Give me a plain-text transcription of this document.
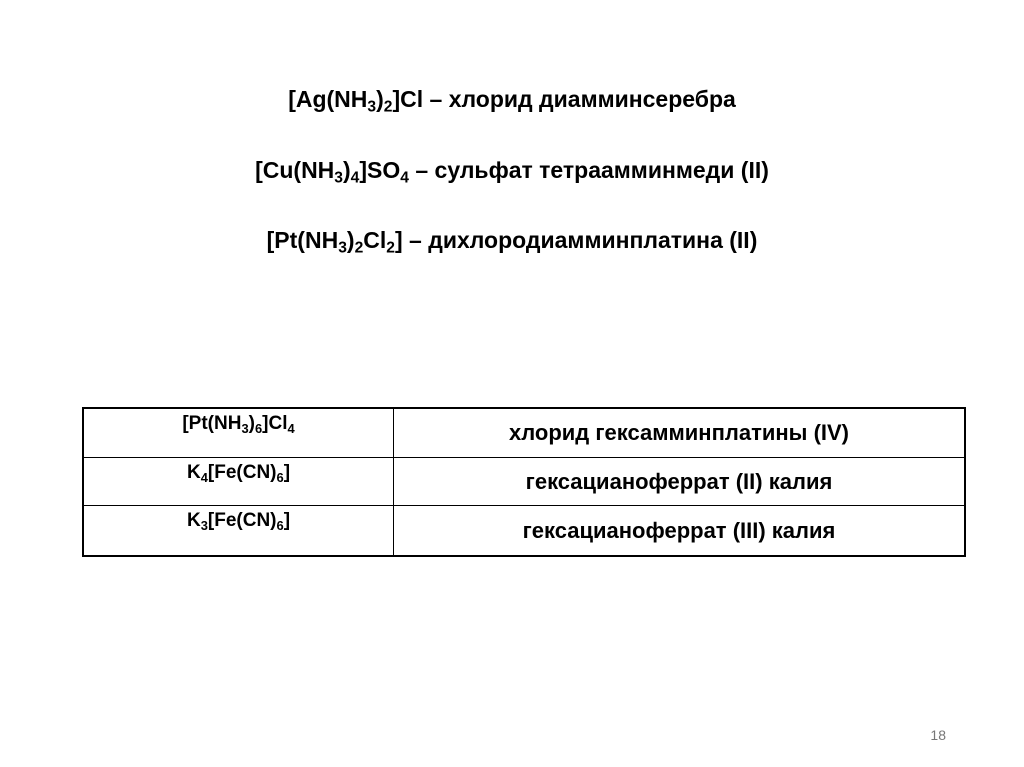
$[Ag(NH_3)_2]Cl$ – хлорид диамминсеребра
$[Cu(NH_3)_4]SO_4$ – сульфат тетраамминмеди (II)
$[Pt(NH_3)_2Cl_2]$ – дихлородиамминплатина (II)
$[Pt(NH_3)_6]Cl_4$	хлорид гексамминплатины (IV)
$K_4[Fe(CN)_6]$	гексацианоферрат (II) калия
$K_3[Fe(CN)_6]$	гексацианоферрат (III) калия
18
